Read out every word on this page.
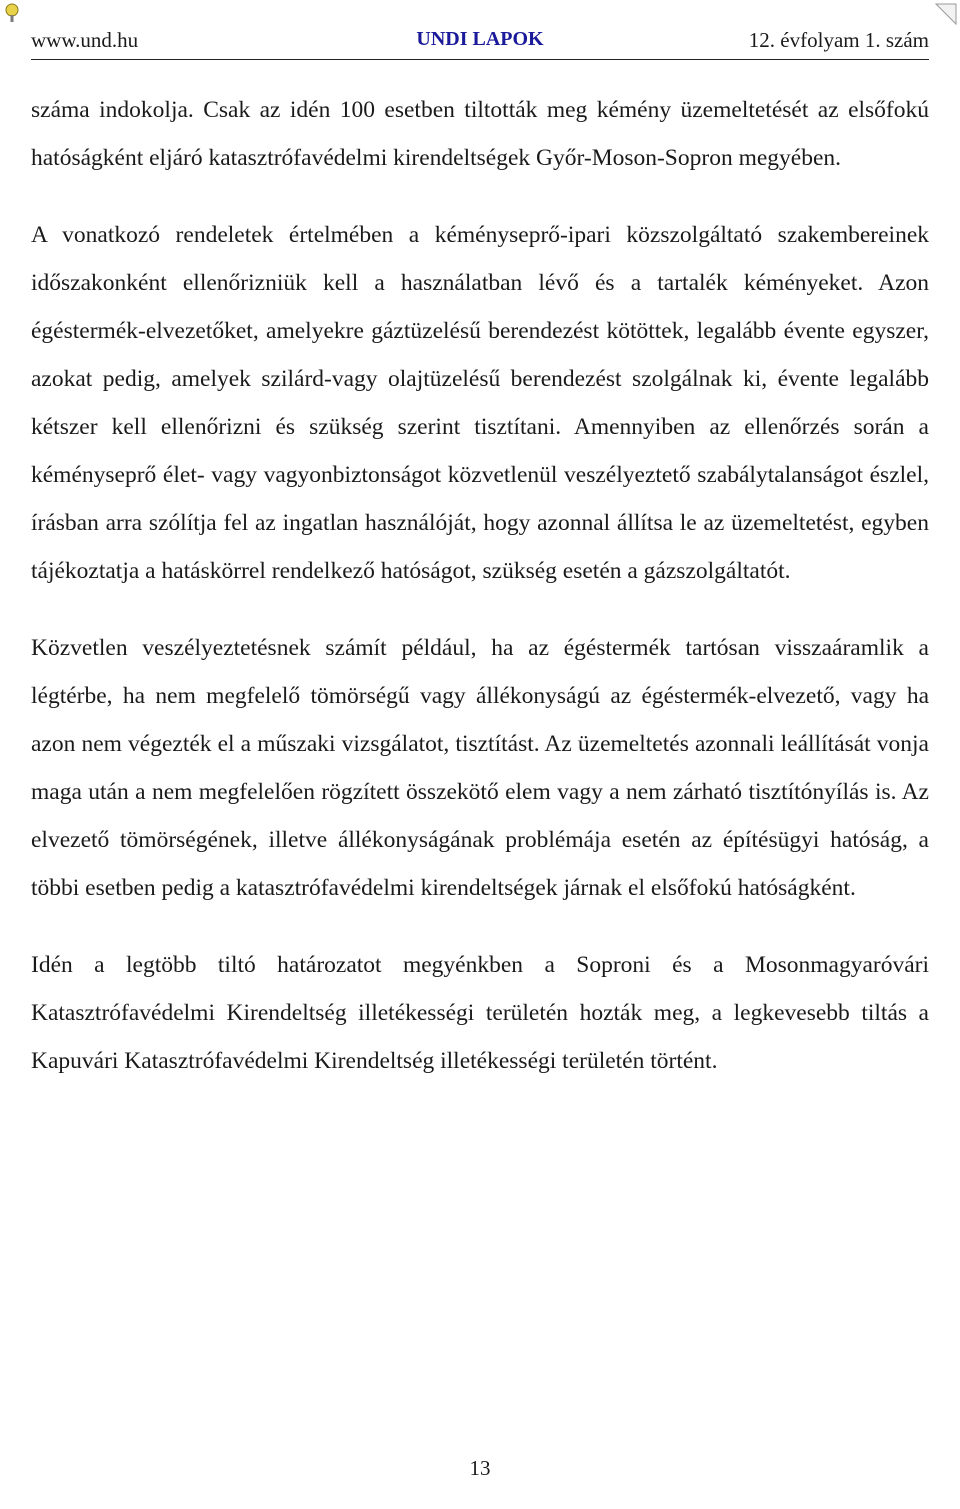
www.und.hu	UNDI LAPOK	12. évfolyam 1. szám

száma indokolja. Csak az idén 100 esetben tiltották meg kémény üzemeltetését az elsőfokú hatóságként eljáró katasztrófavédelmi kirendeltségek Győr-Moson-Sopron megyében.

A vonatkozó rendeletek értelmében a kéményseprő-ipari közszolgáltató szakembereinek időszakonként ellenőrizniük kell a használatban lévő és a tartalék kéményeket. Azon égéstermék-elvezetőket, amelyekre gáztüzelésű berendezést kötöttek, legalább évente egyszer, azokat pedig, amelyek szilárd-vagy olajtüzelésű berendezést szolgálnak ki, évente legalább kétszer kell ellenőrizni és szükség szerint tisztítani. Amennyiben az ellenőrzés során a kéményseprő élet- vagy vagyonbiztonságot közvetlenül veszélyeztető szabálytalanságot észlel, írásban arra szólítja fel az ingatlan használóját, hogy azonnal állítsa le az üzemeltetést, egyben tájékoztatja a hatáskörrel rendelkező hatóságot, szükség esetén a gázszolgáltatót.

Közvetlen veszélyeztetésnek számít például, ha az égéstermék tartósan visszaáramlik a légtérbe, ha nem megfelelő tömörségű vagy állékonyságú az égéstermék-elvezető, vagy ha azon nem végezték el a műszaki vizsgálatot, tisztítást. Az üzemeltetés azonnali leállítását vonja maga után a nem megfelelően rögzített összekötő elem vagy a nem zárható tisztítónyílás is. Az elvezető tömörségének, illetve állékonyságának problémája esetén az építésügyi hatóság, a többi esetben pedig a katasztrófavédelmi kirendeltségek járnak el elsőfokú hatóságként.

Idén a legtöbb tiltó határozatot megyénkben a Soproni és a Mosonmagyaróvári Katasztrófavédelmi Kirendeltség illetékességi területén hozták meg, a legkevesebb tiltás a Kapuvári Katasztrófavédelmi Kirendeltség illetékességi területén történt.

13
